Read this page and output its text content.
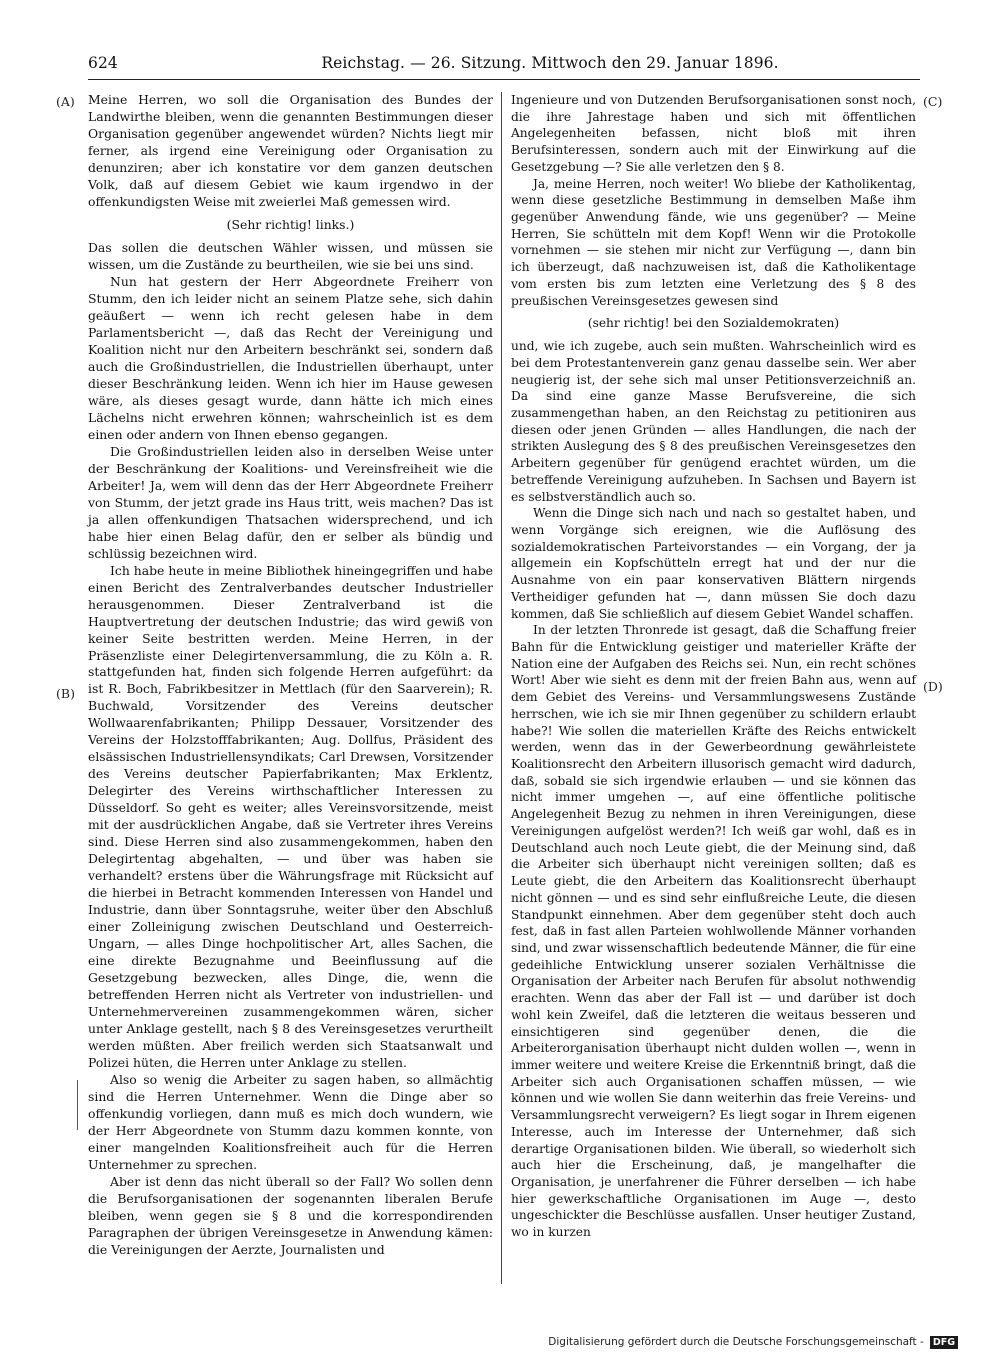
624	Reichstag. — 26. Sitzung. Mittwoch den 29. Januar 1896.
(A)
(B)
(C)
(D)

Meine Herren, wo soll die Organisation des Bundes der Landwirthe bleiben, wenn die genannten Bestimmungen dieser Organisation gegenüber angewendet würden? Nichts liegt mir ferner, als irgend eine Vereinigung oder Organisation zu denunziren; aber ich konstatire vor dem ganzen deutschen Volk, daß auf diesem Gebiet wie kaum irgendwo in der offenkundigsten Weise mit zweierlei Maß gemessen wird.

(Sehr richtig! links.)

Das sollen die deutschen Wähler wissen, und müssen sie wissen, um die Zustände zu beurtheilen, wie sie bei uns sind.

Nun hat gestern der Herr Abgeordnete Freiherr von Stumm, den ich leider nicht an seinem Platze sehe, sich dahin geäußert — wenn ich recht gelesen habe in dem Parlamentsbericht —, daß das Recht der Vereinigung und Koalition nicht nur den Arbeitern beschränkt sei, sondern daß auch die Großindustriellen, die Industriellen überhaupt, unter dieser Beschränkung leiden. Wenn ich hier im Hause gewesen wäre, als dieses gesagt wurde, dann hätte ich mich eines Lächelns nicht erwehren können; wahrscheinlich ist es dem einen oder andern von Ihnen ebenso gegangen.

Die Großindustriellen leiden also in derselben Weise unter der Beschränkung der Koalitions- und Vereinsfreiheit wie die Arbeiter! Ja, wem will denn das der Herr Abgeordnete Freiherr von Stumm, der jetzt grade ins Haus tritt, weis machen? Das ist ja allen offenkundigen Thatsachen widersprechend, und ich habe hier einen Belag dafür, den er selber als bündig und schlüssig bezeichnen wird.

Ich habe heute in meine Bibliothek hineingegriffen und habe einen Bericht des Zentralverbandes deutscher Industrieller herausgenommen. Dieser Zentralverband ist die Hauptvertretung der deutschen Industrie; das wird gewiß von keiner Seite bestritten werden. Meine Herren, in der Präsenzliste einer Delegirtenversammlung, die zu Köln a. R. stattgefunden hat, finden sich folgende Herren aufgeführt: da ist R. Boch, Fabrikbesitzer in Mettlach (für den Saarverein); R. Buchwald, Vorsitzender des Vereins deutscher Wollwaarenfabrikanten; Philipp Dessauer, Vorsitzender des Vereins der Holzstofffabrikanten; Aug. Dollfus, Präsident des elsässischen Industriellensyndikats; Carl Drewsen, Vorsitzender des Vereins deutscher Papierfabrikanten; Max Erklentz, Delegirter des Vereins wirthschaftlicher Interessen zu Düsseldorf. So geht es weiter; alles Vereinsvorsitzende, meist mit der ausdrücklichen Angabe, daß sie Vertreter ihres Vereins sind. Diese Herren sind also zusammengekommen, haben den Delegirtentag abgehalten, — und über was haben sie verhandelt? erstens über die Währungsfrage mit Rücksicht auf die hierbei in Betracht kommenden Interessen von Handel und Industrie, dann über Sonntagsruhe, weiter über den Abschluß einer Zolleinigung zwischen Deutschland und Oesterreich-Ungarn, — alles Dinge hochpolitischer Art, alles Sachen, die eine direkte Bezugnahme und Beeinflussung auf die Gesetzgebung bezwecken, alles Dinge, die, wenn die betreffenden Herren nicht als Vertreter von industriellen- und Unternehmervereinen zusammengekommen wären, sicher unter Anklage gestellt, nach § 8 des Vereinsgesetzes verurtheilt werden müßten. Aber freilich werden sich Staatsanwalt und Polizei hüten, die Herren unter Anklage zu stellen.

Also so wenig die Arbeiter zu sagen haben, so allmächtig sind die Herren Unternehmer. Wenn die Dinge aber so offenkundig vorliegen, dann muß es mich doch wundern, wie der Herr Abgeordnete von Stumm dazu kommen konnte, von einer mangelnden Koalitionsfreiheit auch für die Herren Unternehmer zu sprechen.

Aber ist denn das nicht überall so der Fall? Wo sollen denn die Berufsorganisationen der sogenannten liberalen Berufe bleiben, wenn gegen sie § 8 und die korrespondirenden Paragraphen der übrigen Vereinsgesetze in Anwendung kämen: die Vereinigungen der Aerzte, Journalisten und

Ingenieure und von Dutzenden Berufsorganisationen sonst noch, die ihre Jahrestage haben und sich mit öffentlichen Angelegenheiten befassen, nicht bloß mit ihren Berufsinteressen, sondern auch mit der Einwirkung auf die Gesetzgebung —? Sie alle verletzen den § 8.

Ja, meine Herren, noch weiter! Wo bliebe der Katholikentag, wenn diese gesetzliche Bestimmung in demselben Maße ihm gegenüber Anwendung fände, wie uns gegenüber? — Meine Herren, Sie schütteln mit dem Kopf! Wenn wir die Protokolle vornehmen — sie stehen mir nicht zur Verfügung —, dann bin ich überzeugt, daß nachzuweisen ist, daß die Katholikentage vom ersten bis zum letzten eine Verletzung des § 8 des preußischen Vereinsgesetzes gewesen sind

(sehr richtig! bei den Sozialdemokraten)

und, wie ich zugebe, auch sein mußten. Wahrscheinlich wird es bei dem Protestantenverein ganz genau dasselbe sein. Wer aber neugierig ist, der sehe sich mal unser Petitionsverzeichniß an. Da sind eine ganze Masse Berufsvereine, die sich zusammengethan haben, an den Reichstag zu petitioniren aus diesen oder jenen Gründen — alles Handlungen, die nach der strikten Auslegung des § 8 des preußischen Vereinsgesetzes den Arbeitern gegenüber für genügend erachtet würden, um die betreffende Vereinigung aufzuheben. In Sachsen und Bayern ist es selbstverständlich auch so.

Wenn die Dinge sich nach und nach so gestaltet haben, und wenn Vorgänge sich ereignen, wie die Auflösung des sozialdemokratischen Parteivorstandes — ein Vorgang, der ja allgemein ein Kopfschütteln erregt hat und der nur die Ausnahme von ein paar konservativen Blättern nirgends Vertheidiger gefunden hat —, dann müssen Sie doch dazu kommen, daß Sie schließlich auf diesem Gebiet Wandel schaffen.

In der letzten Thronrede ist gesagt, daß die Schaffung freier Bahn für die Entwicklung geistiger und materieller Kräfte der Nation eine der Aufgaben des Reichs sei. Nun, ein recht schönes Wort! Aber wie sieht es denn mit der freien Bahn aus, wenn auf dem Gebiet des Vereins- und Versammlungswesens Zustände herrschen, wie ich sie mir Ihnen gegenüber zu schildern erlaubt habe?! Wie sollen die materiellen Kräfte des Reichs entwickelt werden, wenn das in der Gewerbeordnung gewährleistete Koalitionsrecht den Arbeitern illusorisch gemacht wird dadurch, daß, sobald sie sich irgendwie erlauben — und sie können das nicht immer umgehen —, auf eine öffentliche politische Angelegenheit Bezug zu nehmen in ihren Vereinigungen, diese Vereinigungen aufgelöst werden?! Ich weiß gar wohl, daß es in Deutschland auch noch Leute giebt, die der Meinung sind, daß die Arbeiter sich überhaupt nicht vereinigen sollten; daß es Leute giebt, die den Arbeitern das Koalitionsrecht überhaupt nicht gönnen — und es sind sehr einflußreiche Leute, die diesen Standpunkt einnehmen. Aber dem gegenüber steht doch auch fest, daß in fast allen Parteien wohlwollende Männer vorhanden sind, und zwar wissenschaftlich bedeutende Männer, die für eine gedeihliche Entwicklung unserer sozialen Verhältnisse die Organisation der Arbeiter nach Berufen für absolut nothwendig erachten. Wenn das aber der Fall ist — und darüber ist doch wohl kein Zweifel, daß die letzteren die weitaus besseren und einsichtigeren sind gegenüber denen, die die Arbeiterorganisation überhaupt nicht dulden wollen —, wenn in immer weitere und weitere Kreise die Erkenntniß bringt, daß die Arbeiter sich auch Organisationen schaffen müssen, — wie können und wie wollen Sie dann weiterhin das freie Vereins- und Versammlungsrecht verweigern? Es liegt sogar in Ihrem eigenen Interesse, auch im Interesse der Unternehmer, daß sich derartige Organisationen bilden. Wie überall, so wiederholt sich auch hier die Erscheinung, daß, je mangelhafter die Organisation, je unerfahrener die Führer derselben — ich habe hier gewerkschaftliche Organisationen im Auge —, desto ungeschickter die Beschlüsse ausfallen. Unser heutiger Zustand, wo in kurzen

Digitalisierung gefördert durch die Deutsche Forschungsgemeinschaft - DFG
